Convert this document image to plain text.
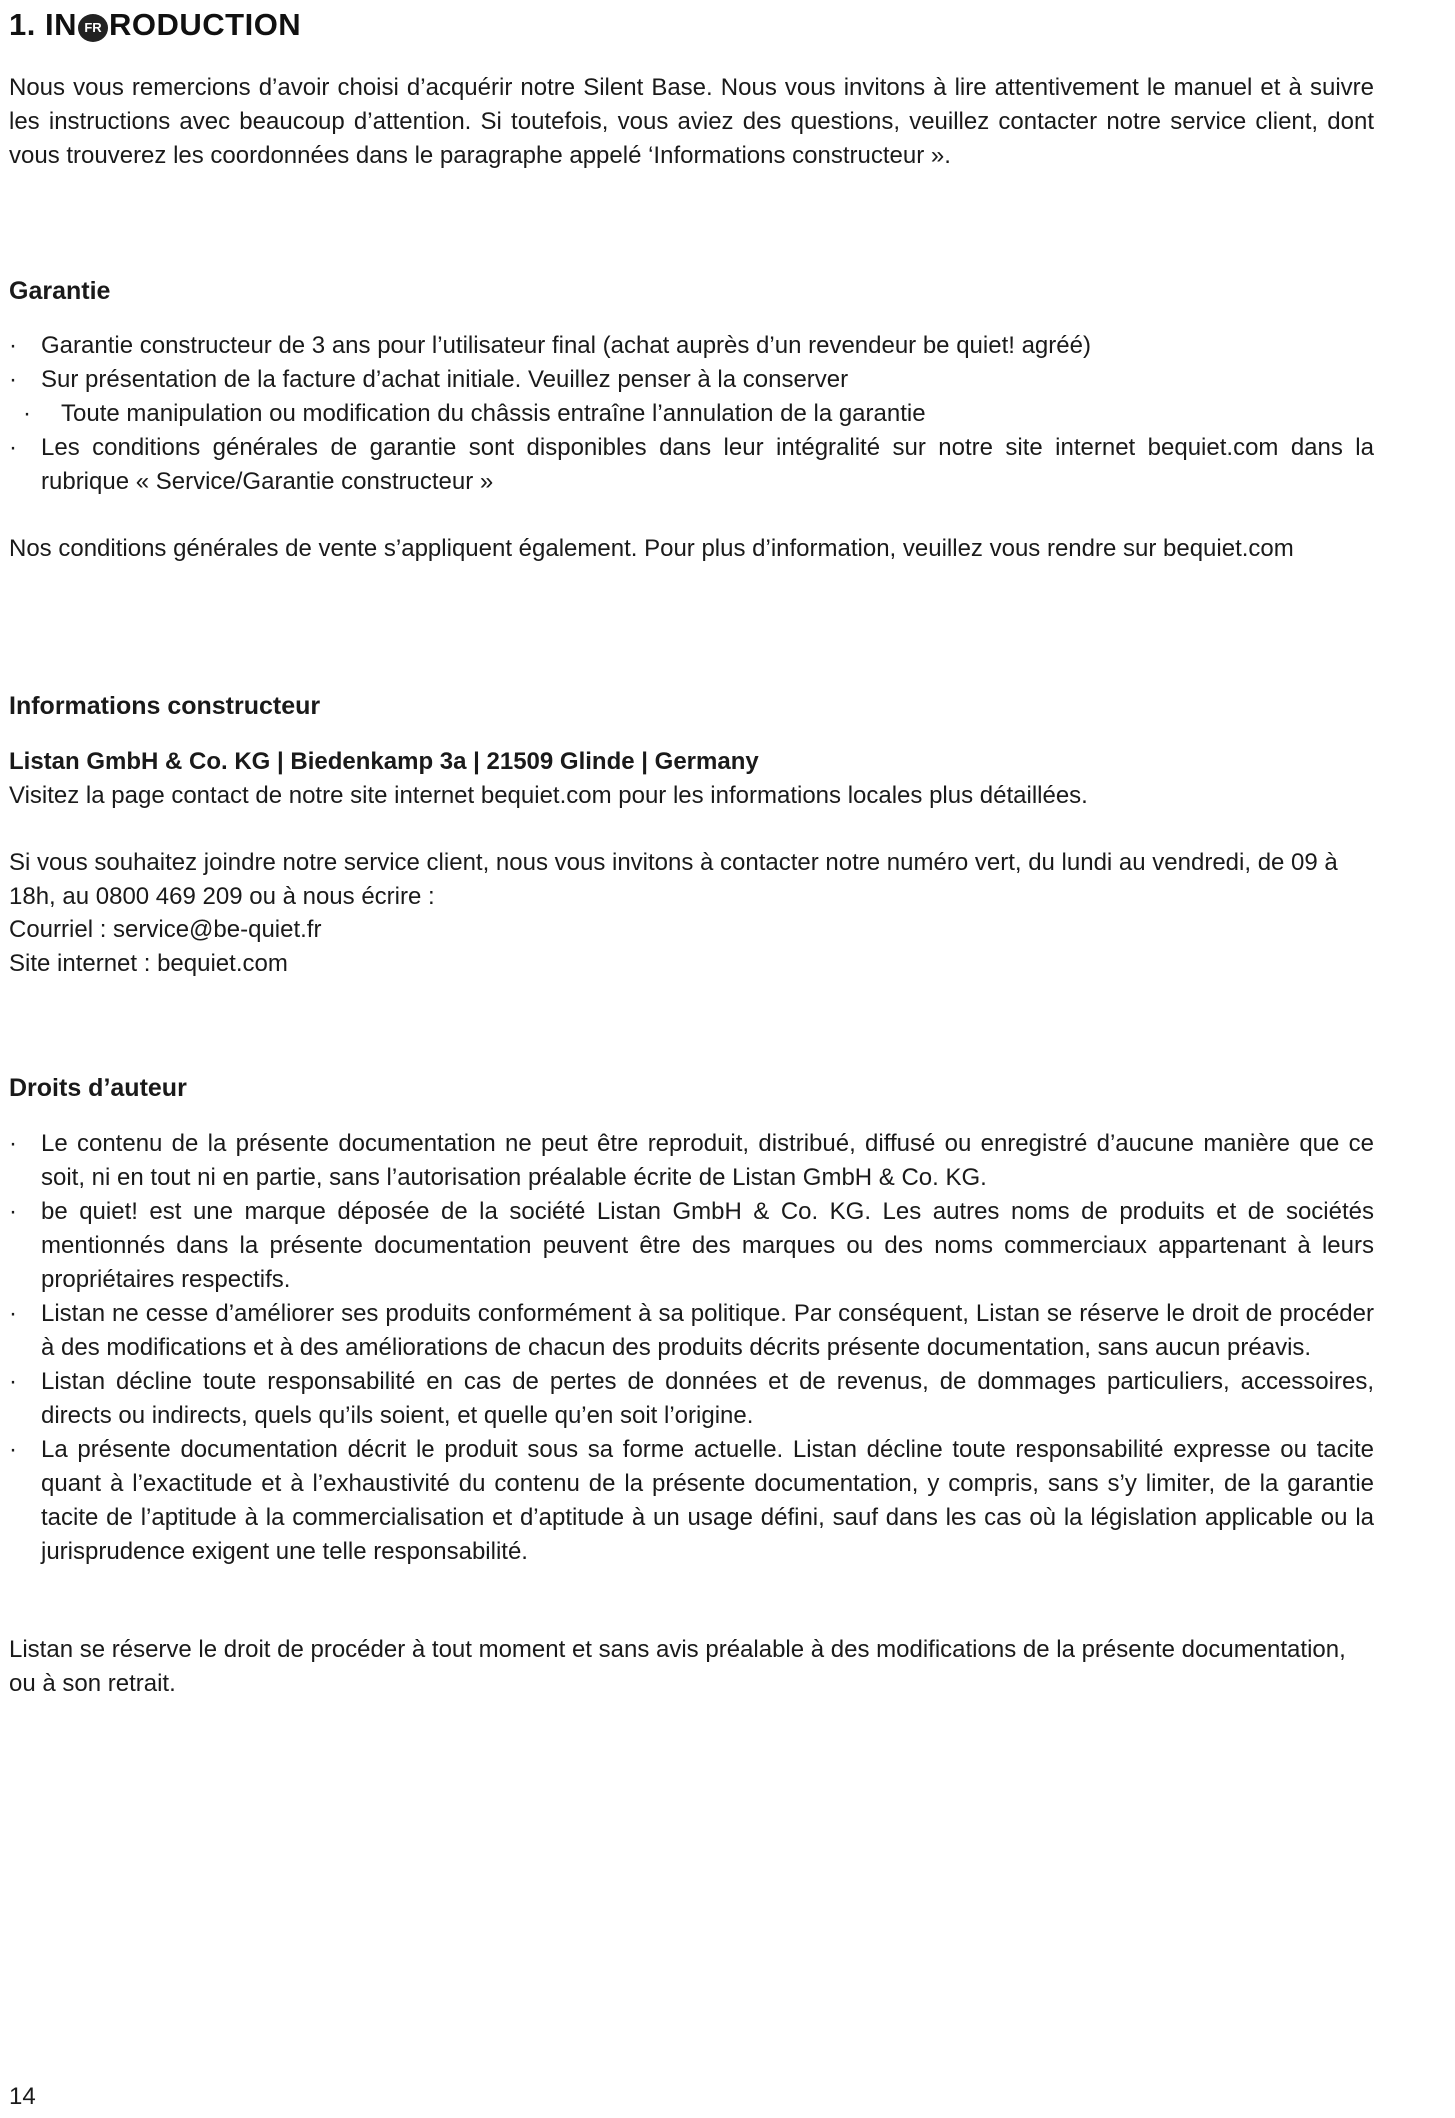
1. IN FR RODUCTION

Nous vous remercions d’avoir choisi d’acquérir notre Silent Base. Nous vous invitons à lire attentivement le manuel et à suivre les instructions avec beaucoup d’attention. Si toutefois, vous aviez des questions, veuillez contacter notre service client, dont vous trouverez les coordonnées dans le paragraphe appelé ‘Informations constructeur ».

Garantie
· Garantie constructeur de 3 ans pour l’utilisateur final (achat auprès d’un revendeur be quiet! agréé)
· Sur présentation de la facture d’achat initiale. Veuillez penser à la conserver
· Toute manipulation ou modification du châssis entraîne l’annulation de la garantie
· Les conditions générales de garantie sont disponibles dans leur intégralité sur notre site internet bequiet.com dans la rubrique « Service/Garantie constructeur »

Nos conditions générales de vente s’appliquent également. Pour plus d’information, veuillez vous rendre sur bequiet.com

Informations constructeur

Listan GmbH & Co. KG | Biedenkamp 3a | 21509 Glinde | Germany

Visitez la page contact de notre site internet bequiet.com pour les informations locales plus détaillées.

Si vous souhaitez joindre notre service client, nous vous invitons à contacter notre numéro vert, du lundi au vendredi, de 09 à 18h, au 0800 469 209 ou à nous écrire :

Courriel : service@be-quiet.fr

Site internet : bequiet.com

Droits d’auteur
· Le contenu de la présente documentation ne peut être reproduit, distribué, diffusé ou enregistré d’aucune manière que ce soit, ni en tout ni en partie, sans l’autorisation préalable écrite de Listan GmbH & Co. KG.
· be quiet! est une marque déposée de la société Listan GmbH & Co. KG. Les autres noms de produits et de sociétés mentionnés dans la présente documentation peuvent être des marques ou des noms commerciaux appartenant à leurs propriétaires respectifs.
· Listan ne cesse d’améliorer ses produits conformément à sa politique. Par conséquent, Listan se réserve le droit de procéder à des modifications et à des améliorations de chacun des produits décrits présente documentation, sans aucun préavis.
· Listan décline toute responsabilité en cas de pertes de données et de revenus, de dommages particuliers, accessoires, directs ou indirects, quels qu’ils soient, et quelle qu’en soit l’origine.
· La présente documentation décrit le produit sous sa forme actuelle. Listan décline toute responsabilité expresse ou tacite quant à l’exactitude et à l’exhaustivité du contenu de la présente documentation, y compris, sans s’y limiter, de la garantie tacite de l’aptitude à la commercialisation et d’aptitude à un usage défini, sauf dans les cas où la législation applicable ou la jurisprudence exigent une telle responsabilité.

Listan se réserve le droit de procéder à tout moment et sans avis préalable à des modifications de la présente documentation, ou à son retrait.

14
